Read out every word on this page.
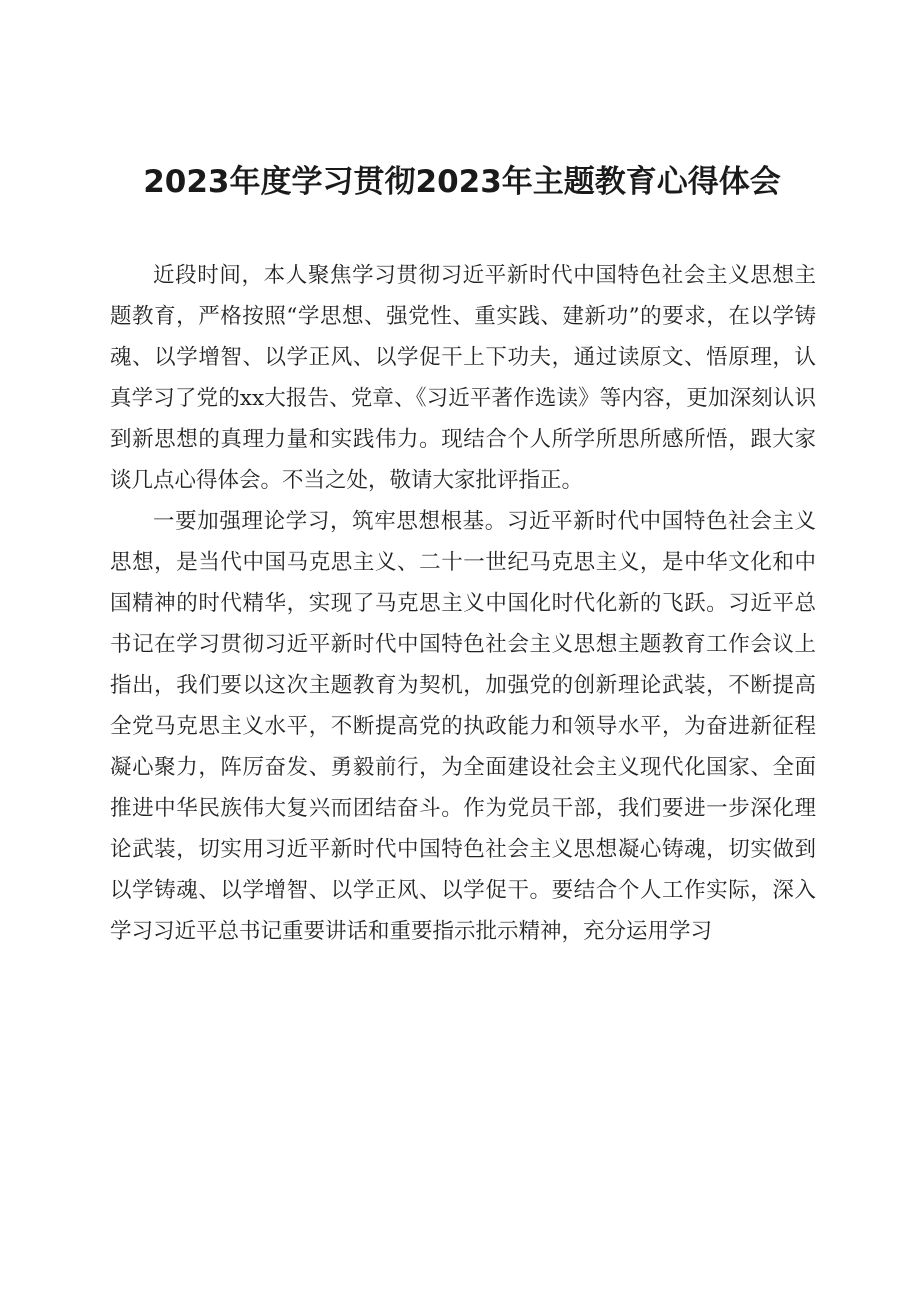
2023年度学习贯彻2023年主题教育心得体会

近段时间，本人聚焦学习贯彻习近平新时代中国特色社会主义思想主题教育，严格按照“学思想、强党性、重实践、建新功”的要求，在以学铸魂、以学增智、以学正风、以学促干上下功夫，通过读原文、悟原理，认真学习了党的xx大报告、党章、《习近平著作选读》等内容，更加深刻认识到新思想的真理力量和实践伟力。现结合个人所学所思所感所悟，跟大家谈几点心得体会。不当之处，敬请大家批评指正。

一要加强理论学习，筑牢思想根基。习近平新时代中国特色社会主义思想，是当代中国马克思主义、二十一世纪马克思主义，是中华文化和中国精神的时代精华，实现了马克思主义中国化时代化新的飞跃。习近平总书记在学习贯彻习近平新时代中国特色社会主义思想主题教育工作会议上指出，我们要以这次主题教育为契机，加强党的创新理论武装，不断提高全党马克思主义水平，不断提高党的执政能力和领导水平，为奋进新征程凝心聚力，阵厉奋发、勇毅前行，为全面建设社会主义现代化国家、全面推进中华民族伟大复兴而团结奋斗。作为党员干部，我们要进一步深化理论武装，切实用习近平新时代中国特色社会主义思想凝心铸魂，切实做到以学铸魂、以学增智、以学正风、以学促干。要结合个人工作实际，深入学习习近平总书记重要讲话和重要指示批示精神，充分运用学习
